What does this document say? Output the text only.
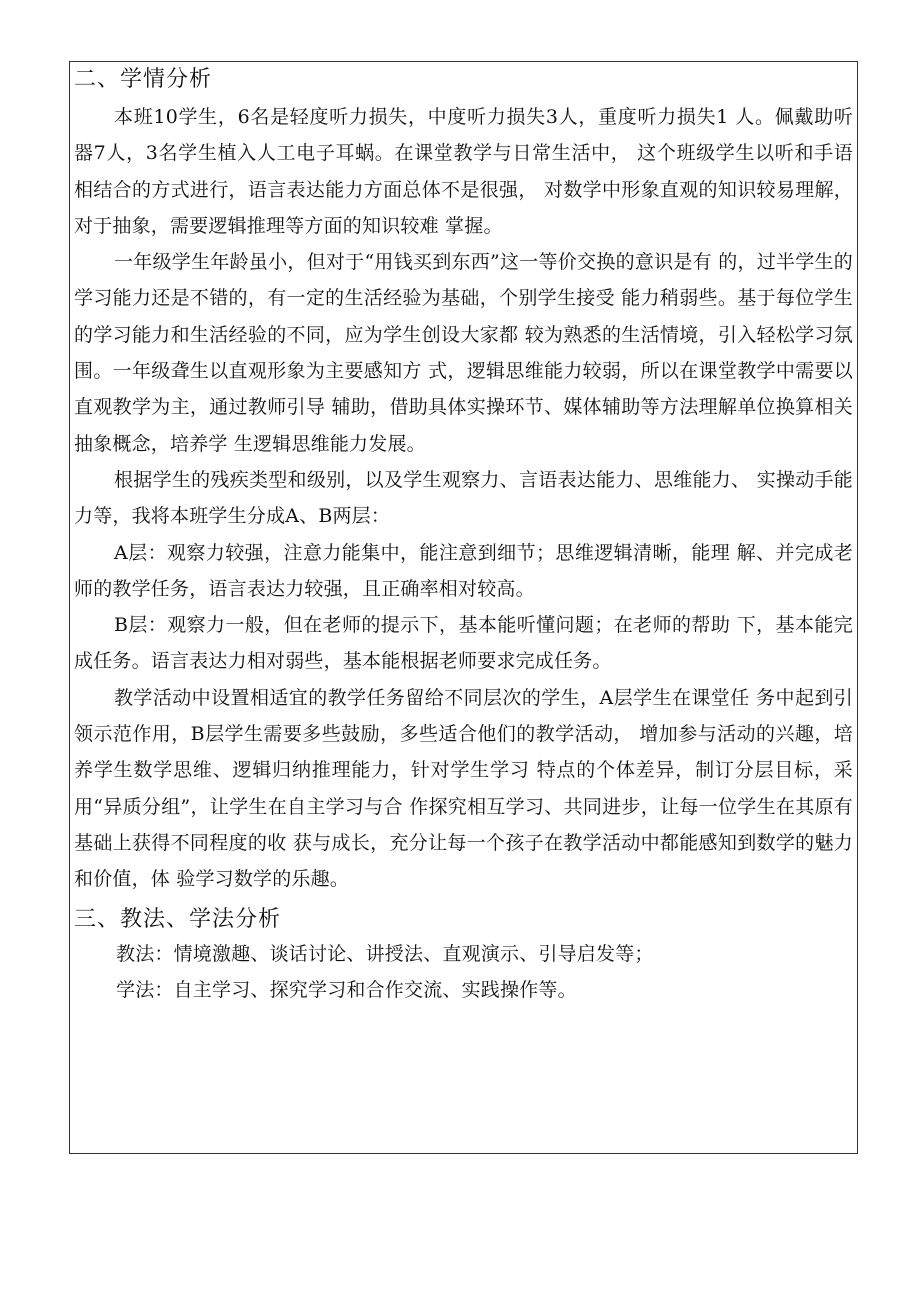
二、学情分析

本班10学生，6名是轻度听力损失，中度听力损失3人，重度听力损失1 人。佩戴助听器7人，3名学生植入人工电子耳蜗。在课堂教学与日常生活中， 这个班级学生以听和手语相结合的方式进行，语言表达能力方面总体不是很强， 对数学中形象直观的知识较易理解，对于抽象，需要逻辑推理等方面的知识较难 掌握。

一年级学生年龄虽小，但对于“用钱买到东西”这一等价交换的意识是有 的，过半学生的学习能力还是不错的，有一定的生活经验为基础，个别学生接受 能力稍弱些。基于每位学生的学习能力和生活经验的不同，应为学生创设大家都 较为熟悉的生活情境，引入轻松学习氛围。一年级聋生以直观形象为主要感知方 式，逻辑思维能力较弱，所以在课堂教学中需要以直观教学为主，通过教师引导 辅助，借助具体实操环节、媒体辅助等方法理解单位换算相关抽象概念，培养学 生逻辑思维能力发展。

根据学生的残疾类型和级别，以及学生观察力、言语表达能力、思维能力、 实操动手能力等，我将本班学生分成A、B两层：

A层：观察力较强，注意力能集中，能注意到细节；思维逻辑清晰，能理 解、并完成老师的教学任务，语言表达力较强，且正确率相对较高。

B层：观察力一般，但在老师的提示下，基本能听懂问题；在老师的帮助 下，基本能完成任务。语言表达力相对弱些，基本能根据老师要求完成任务。

教学活动中设置相适宜的教学任务留给不同层次的学生，A层学生在课堂任 务中起到引领示范作用，B层学生需要多些鼓励，多些适合他们的教学活动， 增加参与活动的兴趣，培养学生数学思维、逻辑归纳推理能力，针对学生学习 特点的个体差异，制订分层目标，采用“异质分组”，让学生在自主学习与合 作探究相互学习、共同进步，让每一位学生在其原有基础上获得不同程度的收 获与成长，充分让每一个孩子在教学活动中都能感知到数学的魅力和价值，体 验学习数学的乐趣。

三、教法、学法分析

教法：情境激趣、谈话讨论、讲授法、直观演示、引导启发等；

学法：自主学习、探究学习和合作交流、实践操作等。
